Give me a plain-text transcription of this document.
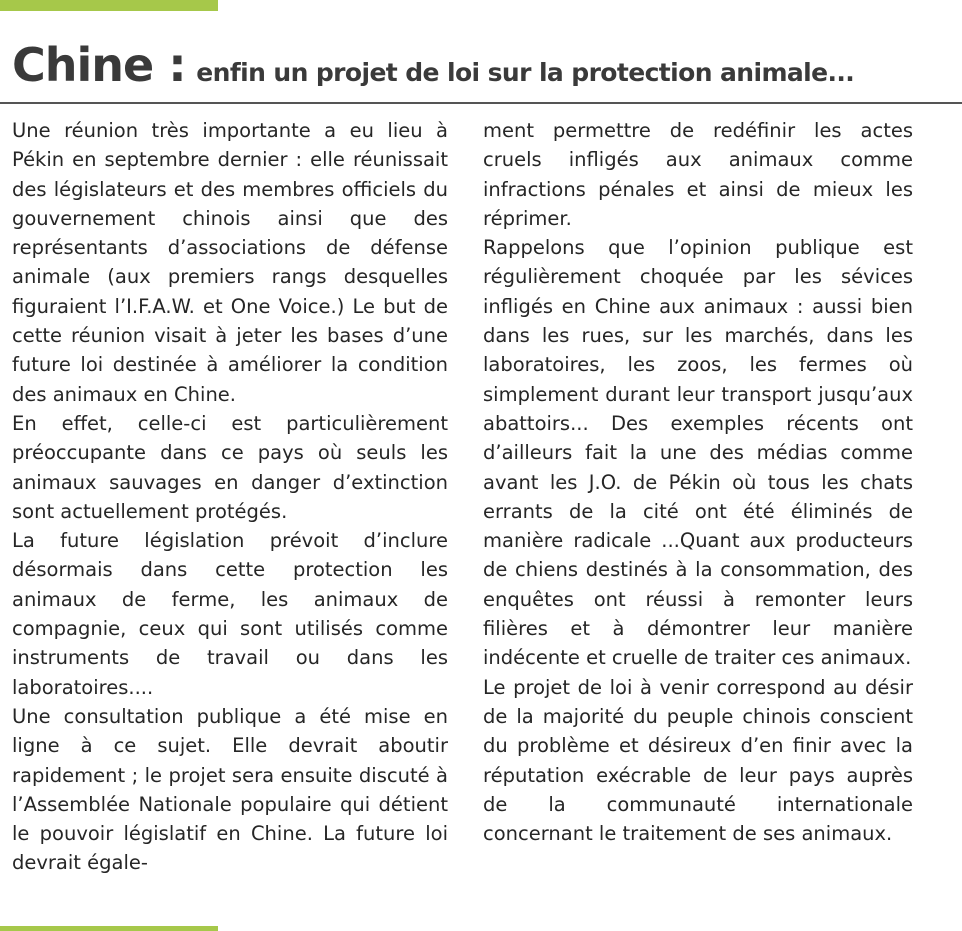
Chine : enfin un projet de loi sur la protection animale...

Une réunion très importante a eu lieu à Pékin en septembre dernier : elle réunissait des législateurs et des membres officiels du gouvernement chinois ainsi que des représentants d’associations de défense animale (aux premiers rangs desquelles figuraient l’I.F.A.W. et One Voice.) Le but de cette réunion visait à jeter les bases d’une future loi destinée à améliorer la condition des animaux en Chine.

En effet, celle-ci est particulièrement préoccupante dans ce pays où seuls les animaux sauvages en danger d’extinction sont actuellement protégés.

La future législation prévoit d’inclure désormais dans cette protection les animaux de ferme, les animaux de compagnie, ceux qui sont utilisés comme instruments de travail ou dans les laboratoires....

Une consultation publique a été mise en ligne à ce sujet. Elle devrait aboutir rapidement ; le projet sera ensuite discuté à l’Assemblée Nationale populaire qui détient le pouvoir législatif en Chine. La future loi devrait égale-

ment permettre de redéfinir les actes cruels infligés aux animaux comme infractions pénales et ainsi de mieux les réprimer.

Rappelons que l’opinion publique est régulièrement choquée par les sévices infligés en Chine aux animaux : aussi bien dans les rues, sur les marchés, dans les laboratoires, les zoos, les fermes où simplement durant leur transport jusqu’aux abattoirs... Des exemples récents ont d’ailleurs fait la une des médias comme avant les J.O. de Pékin où tous les chats errants de la cité ont été éliminés de manière radicale ...Quant aux producteurs de chiens destinés à la consommation, des enquêtes ont réussi à remonter leurs filières et à démontrer leur manière indécente et cruelle de traiter ces animaux.

Le projet de loi à venir correspond au désir de la majorité du peuple chinois conscient du problème et désireux d’en finir avec la réputation exécrable de leur pays auprès de la communauté internationale concernant le traitement de ses animaux.
